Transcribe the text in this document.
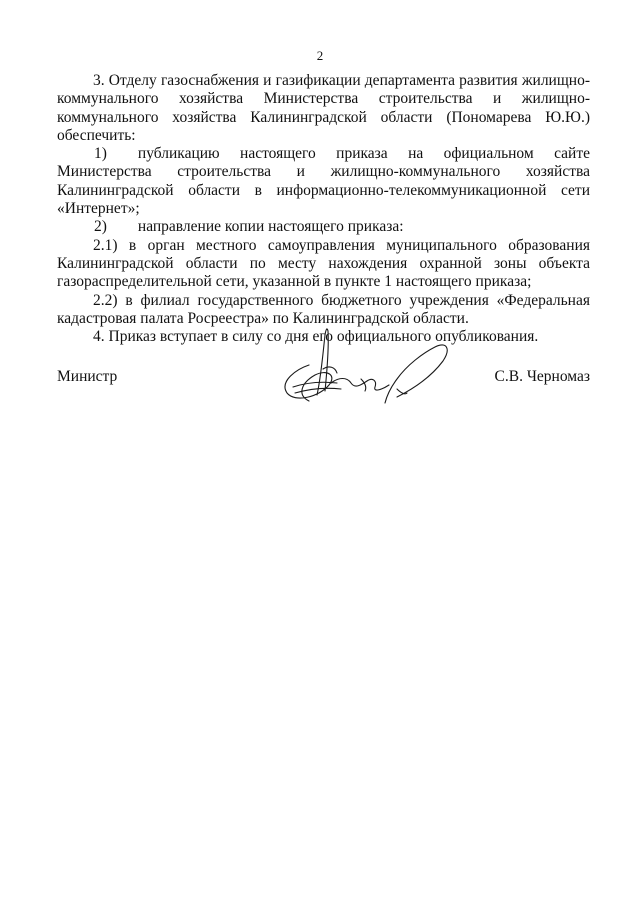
2

3. Отделу газоснабжения и газификации департамента развития жилищно-коммунального хозяйства Министерства строительства и жилищно-коммунального хозяйства Калининградской области (Пономарева Ю.Ю.) обеспечить:

1)  публикацию настоящего приказа на официальном сайте Министерства строительства и жилищно-коммунального хозяйства Калининградской области в информационно-телекоммуникационной сети «Интернет»;

2)  направление копии настоящего приказа:

2.1) в орган местного самоуправления муниципального образования Калининградской области по месту нахождения охранной зоны объекта газораспределительной сети, указанной в пункте 1 настоящего приказа;

2.2) в филиал государственного бюджетного учреждения «Федеральная кадастровая палата Росреестра» по Калининградской области.

4. Приказ вступает в силу со дня его официального опубликования.

Министр	С.В. Черномаз
